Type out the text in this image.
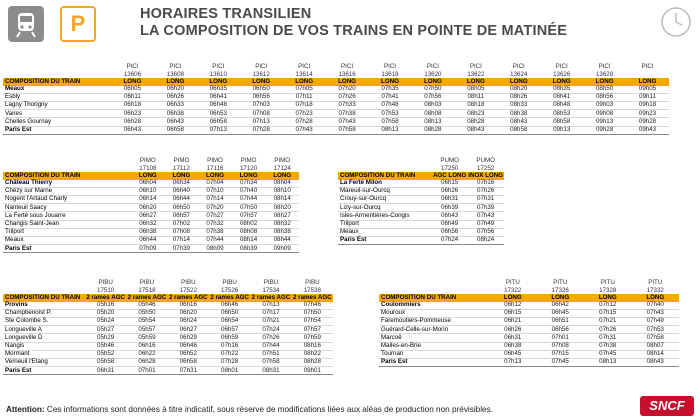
P	HORAIRES TRANSILIEN
LA COMPOSITION DE VOS TRAINS EN POINTE DE MATINÉE
	PICI	PICI	PICI	PICI	PICI	PICI	PICI	PICI	PICI	PICI	PICI	PICI	PICI
	13606	13608	13610	13612	13614	13616	13618	13620	13622	13624	13626	13628	
COMPOSITION DU TRAIN	LONG	LONG	LONG	LONG	LONG	LONG	LONG	LONG	LONG	LONG	LONG	LONG	LONG
Meaux	06h05	06h20	06h35	06h50	07h05	07h20	07h35	07h50	08h05	08h20	08h35	08h50	09h05
Esbly	06h11	06h26	06h41	06h56	07h11	07h26	07h41	07h56	08h11	08h26	08h41	08h56	09h11
Lagny Thorigny	06h18	06h33	06h48	07h03	07h18	07h33	07h48	08h03	08h18	08h33	08h48	09h03	09h18
Vaires	06h23	06h38	06h53	07h08	07h23	07h38	07h53	08h08	08h23	08h38	08h53	09h08	09h23
Chelles Gournay	06h28	06h43	06h58	07h13	07h28	07h43	07h58	08h13	08h28	08h43	08h58	09h13	09h28
Paris Est	06h43	06h58	07h13	07h28	07h43	07h58	08h13	08h28	08h43	08h58	09h13	09h28	09h43
	PIMO	PIMO	PIMO	PIMO	PIMO
	17108	17112	17116	17120	17124
COMPOSITION DU TRAIN	LONG	LONG	LONG	LONG	LONG
Château Thierry	06h04	06h34	07h04	07h34	08h04
Chézy sur Marne	06h10	06h40	07h10	07h40	08h10
Nogent l'Artaud Charly	06h14	06h44	07h14	07h44	08h14
Nanteuil Saacy	06h20	06h50	07h20	07h50	08h20
La Ferté sous Jouarre	06h27	06h57	07h27	07h57	08h27
Changis Saint-Jean	06h32	07h02	07h32	08h02	08h32
Trilport	06h38	07h08	07h38	08h08	08h38
Meaux	06h44	07h14	07h44	08h14	08h44
Paris Est	07h09	07h39	08h09	08h39	09h09
	PUMO	PUMO
	17250	17252
COMPOSITION DU TRAIN	AGC LONG	INOX LONG
La Ferté Milon	06h15	07h16
Mareuil-sur-Ourcq	06h26	07h26
Crouy-sur-Ourcq	06h31	07h31
Lizy-sur-Ourcq	06h39	07h39
Isles-Armentières-Congis	06h43	07h43
Trilport	06h49	07h49
Meaux	06h56	07h56
Paris Est	07h24	08h24
	PIBU	PIBU	PIBU	PIBU	PIBU	PIBU
	17510	17518	17522	17526	17534	17538
COMPOSITION DU TRAIN	2 rames AGC	2 rames AGC	2 rames AGC	2 rames AGC	2 rames AGC	2 rames AGC
Provins	05h16	05h46	06h16	06h46	07h13	07h46
Champbenoist P.	05h20	05h50	06h20	06h50	07h17	07h50
Ste Colombe S.	05h24	05h54	06h24	06h54	07h21	07h54
Longueville A	05h27	05h57	06h27	06h57	07h24	07h57
Longueville D	05h29	05h59	06h29	06h59	07h26	07h59
Nangis	05h46	06h16	06h46	07h16	07h44	08h16
Mormant	05h52	06h22	06h52	07h22	07h51	08h22
Verneuil l'Etang	05h58	06h28	06h58	07h28	07h58	08h28
Paris Est	06h31	07h01	07h31	08h01	08h31	09h01
	PITU	PITU	PITU	PITU
	17322	17326	17328	17332
COMPOSITION DU TRAIN	LONG	LONG	LONG	LONG
Coulommiers	06h12	06h42	07h12	07h40
Mouroux	06h15	06h45	07h15	07h43
Faremoutiers-Pommeuse	06h21	06h51	07h21	07h49
Guérard-Celle-sur-Morin	06h26	06h56	07h26	07h53
Marcoë	06h31	07h01	07h31	07h58
Mailes-en-Brie	06h38	07h08	07h38	08h07
Tournan	06h45	07h15	07h45	08h14
Paris Est	07h13	07h45	08h13	08h43
Attention: Ces informations sont données à titre indicatif, sous réserve de modifications liées aux aléas de production non prévisibles.	SNCF
